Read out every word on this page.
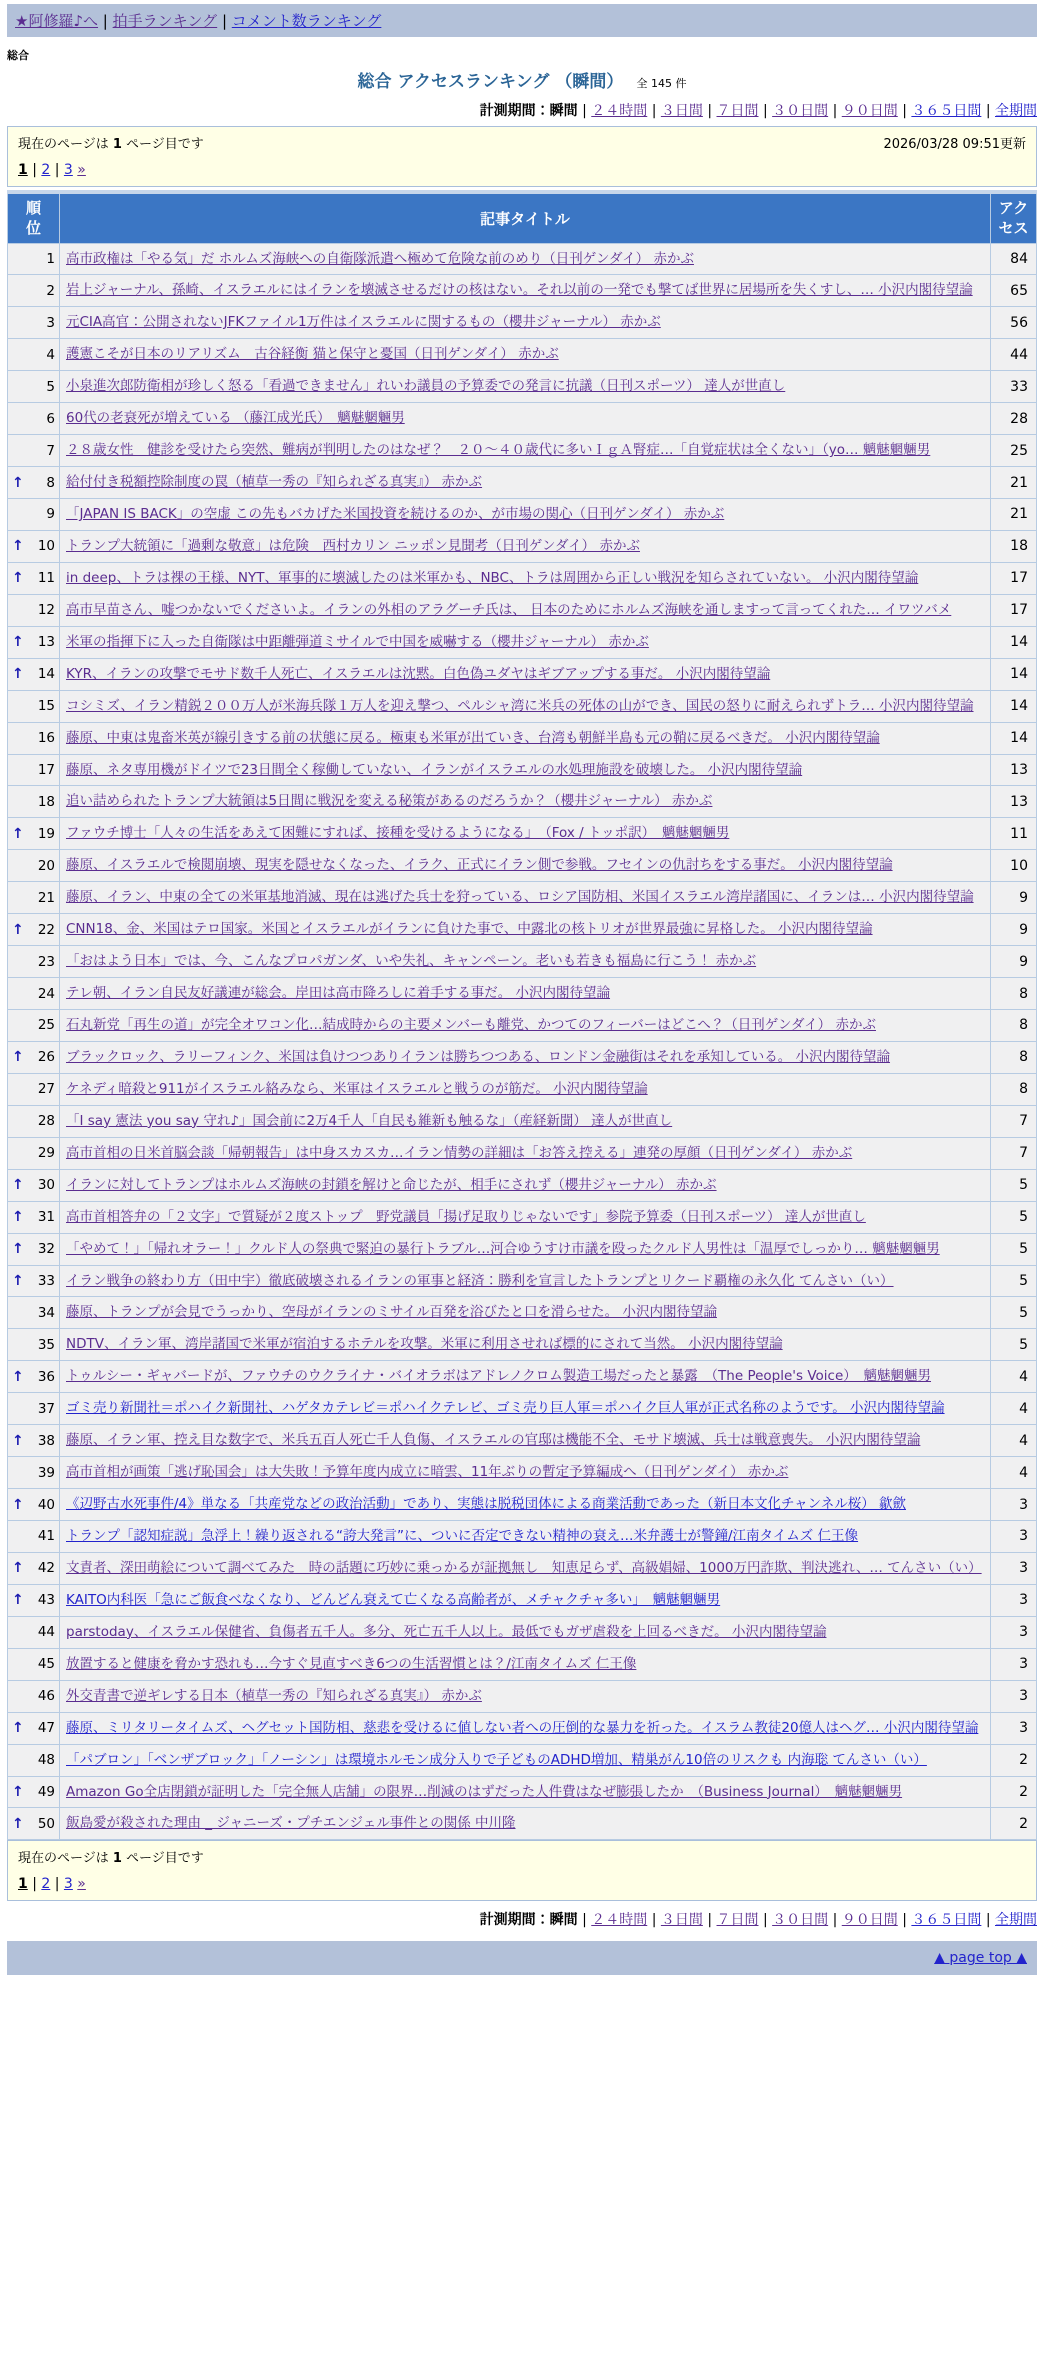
★阿修羅♪へ | 拍手ランキング | コメント数ランキング
総合
総合 アクセスランキング （瞬間） 全 145 件
計測期間：瞬間 | ２４時間 | ３日間 | ７日間 | ３０日間 | ９０日間 | ３６５日間 | 全期間
現在のページは 1 ページ目です	2026/03/28 09:51更新
1 | 2 | 3 »
順位	記事タイトル	アクセス

1	高市政権は「やる気」だ ホルムズ海峡への自衛隊派遣へ極めて危険な前のめり（日刊ゲンダイ） 赤かぶ	84

2	岩上ジャーナル、孫崎、イスラエルにはイランを壊滅させるだけの核はない。それ以前の一発でも撃てば世界に居場所を失くすし、… 小沢内閣待望論	65

3	元CIA高官：公開されないJFKファイル1万件はイスラエルに関するもの（櫻井ジャーナル） 赤かぶ	56

4	護憲こそが日本のリアリズム　古谷経衡 猫と保守と憂国（日刊ゲンダイ） 赤かぶ	44

5	小泉進次郎防衛相が珍しく怒る「看過できません」れいわ議員の予算委での発言に抗議（日刊スポーツ） 達人が世直し	33

6	60代の老衰死が増えている （藤江成光氏）　魑魅魍魎男	28

7	２８歳女性　健診を受けたら突然、難病が判明したのはなぜ？　２０～４０歳代に多いＩｇＡ腎症…「自覚症状は全くない」（yo… 魑魅魍魎男	25

↑ 8	給付付き税額控除制度の罠（植草一秀の『知られざる真実』） 赤かぶ	21

9	「JAPAN IS BACK」の空虚 この先もバカげた米国投資を続けるのか、が市場の関心（日刊ゲンダイ） 赤かぶ	21

↑ 10	トランプ大統領に「過剰な敬意」は危険　西村カリン ニッポン見聞考（日刊ゲンダイ） 赤かぶ	18

↑ 11	in deep、トラは裸の王様、NYT、軍事的に壊滅したのは米軍かも、NBC、トラは周囲から正しい戦況を知らされていない。 小沢内閣待望論	17

12	高市早苗さん、嘘つかないでくださいよ。イランの外相のアラグーチ氏は、 日本のためにホルムズ海峡を通しますって言ってくれた… イワツバメ	17

↑ 13	米軍の指揮下に入った自衛隊は中距離弾道ミサイルで中国を威嚇する（櫻井ジャーナル） 赤かぶ	14

↑ 14	KYR、イランの攻撃でモサド数千人死亡、イスラエルは沈黙。白色偽ユダヤはギブアップする事だ。 小沢内閣待望論	14

15	コシミズ、イラン精鋭２００万人が米海兵隊１万人を迎え撃つ、ペルシャ湾に米兵の死体の山ができ、国民の怒りに耐えられずトラ… 小沢内閣待望論	14

16	藤原、中東は鬼畜米英が線引きする前の状態に戻る。極東も米軍が出ていき、台湾も朝鮮半島も元の鞘に戻るべきだ。 小沢内閣待望論	14

17	藤原、ネタ専用機がドイツで23日間全く稼働していない、イランがイスラエルの水処理施設を破壊した。 小沢内閣待望論	13

18	追い詰められたトランプ大統領は5日間に戦況を変える秘策があるのだろうか？（櫻井ジャーナル） 赤かぶ	13

↑ 19	ファウチ博士「人々の生活をあえて困難にすれば、接種を受けるようになる」　（Fox / トッポ訳）　魑魅魍魎男	11

20	藤原、イスラエルで検閲崩壊、現実を隠せなくなった、イラク、正式にイラン側で参戦。フセインの仇討ちをする事だ。 小沢内閣待望論	10

21	藤原、イラン、中東の全ての米軍基地消滅、現在は逃げた兵士を狩っている、ロシア国防相、米国イスラエル湾岸諸国に、イランは… 小沢内閣待望論	9

↑ 22	CNN18、金、米国はテロ国家。米国とイスラエルがイランに負けた事で、中露北の核トリオが世界最強に昇格した。 小沢内閣待望論	9

23	「おはよう日本」では、今、こんなプロパガンダ、いや失礼、キャンペーン。老いも若きも福島に行こう！ 赤かぶ	9

24	テレ朝、イラン自民友好議連が総会。岸田は高市降ろしに着手する事だ。 小沢内閣待望論	8

25	石丸新党「再生の道」が完全オワコン化…結成時からの主要メンバーも離党、かつてのフィーバーはどこへ？（日刊ゲンダイ） 赤かぶ	8

↑ 26	ブラックロック、ラリーフィンク、米国は負けつつありイランは勝ちつつある、ロンドン金融街はそれを承知している。 小沢内閣待望論	8

27	ケネディ暗殺と911がイスラエル絡みなら、米軍はイスラエルと戦うのが筋だ。 小沢内閣待望論	8

28	「I say 憲法 you say 守れ♪」国会前に2万4千人「自民も維新も触るな」（産経新聞） 達人が世直し	7

29	高市首相の日米首脳会談「帰朝報告」は中身スカスカ…イラン情勢の詳細は「お答え控える」連発の厚顔（日刊ゲンダイ） 赤かぶ	7

↑ 30	イランに対してトランプはホルムズ海峡の封鎖を解けと命じたが、相手にされず（櫻井ジャーナル） 赤かぶ	5

↑ 31	高市首相答弁の「２文字」で質疑が２度ストップ　野党議員「揚げ足取りじゃないです」参院予算委（日刊スポーツ） 達人が世直し	5

↑ 32	「やめて！」「帰れオラー！」クルド人の祭典で緊迫の暴行トラブル…河合ゆうすけ市議を殴ったクルド人男性は「温厚でしっかり… 魑魅魍魎男	5

↑ 33	イラン戦争の終わり方（田中宇）徹底破壊されるイランの軍事と経済：勝利を宣言したトランプとリクード覇権の永久化 てんさい（い）	5

34	藤原、トランプが会見でうっかり、空母がイランのミサイル百発を浴びたと口を滑らせた。 小沢内閣待望論	5

35	NDTV、イラン軍、湾岸諸国で米軍が宿泊するホテルを攻撃。米軍に利用させれば標的にされて当然。 小沢内閣待望論	5

↑ 36	トゥルシー・ギャバードが、ファウチのウクライナ・バイオラボはアドレノクロム製造工場だったと暴露　（The People's Voice）　魑魅魍魎男	4

37	ゴミ売り新聞社＝ポハイク新聞社、ハゲタカテレビ＝ポハイクテレビ、ゴミ売り巨人軍＝ポハイク巨人軍が正式名称のようです。 小沢内閣待望論	4

↑ 38	藤原、イラン軍、控え目な数字で、米兵五百人死亡千人負傷、イスラエルの官邸は機能不全、モサド壊滅、兵士は戦意喪失。 小沢内閣待望論	4

39	高市首相が画策「逃げ恥国会」は大失敗！予算年度内成立に暗雲、11年ぶりの暫定予算編成へ（日刊ゲンダイ） 赤かぶ	4

↑ 40	《辺野古水死事件/4》単なる「共産党などの政治活動」であり、実態は脱税団体による商業活動であった（新日本文化チャンネル桜） 歙歛	3

41	トランプ「認知症説」急浮上！繰り返される“誇大発言”に、ついに否定できない精神の衰え…米弁護士が警鐘/江南タイムズ 仁王像	3

↑ 42	文責者、深田萌絵について調べてみた　時の話題に巧妙に乗っかるが証拠無し　知恵足らず、高級娼婦、1000万円詐欺、判決逃れ、… てんさい（い）	3

↑ 43	KAITO内科医「急にご飯食べなくなり、どんどん衰えて亡くなる高齢者が、メチャクチャ多い」　魑魅魍魎男	3

44	parstoday、イスラエル保健省、負傷者五千人。多分、死亡五千人以上。最低でもガザ虐殺を上回るべきだ。 小沢内閣待望論	3

45	放置すると健康を脅かす恐れも…今すぐ見直すべき6つの生活習慣とは？/江南タイムズ 仁王像	3

46	外交青書で逆ギレする日本（植草一秀の『知られざる真実』） 赤かぶ	3

↑ 47	藤原、ミリタリータイムズ、ヘグセット国防相、慈悲を受けるに値しない者への圧倒的な暴力を祈った。イスラム教徒20億人はヘグ… 小沢内閣待望論	3

48	「パブロン」「ベンザブロック」「ノーシン」は環境ホルモン成分入りで子どものADHD増加、精巣がん10倍のリスクも 内海聡 てんさい（い）	2

↑ 49	Amazon Go全店閉鎖が証明した「完全無人店舗」の限界…削減のはずだった人件費はなぜ膨張したか　（Business Journal）　魑魅魍魎男	2

↑ 50	飯島愛が殺された理由 _ ジャニーズ・プチエンジェル事件との関係 中川隆	2
現在のページは 1 ページ目です
1 | 2 | 3 »
計測期間：瞬間 | ２４時間 | ３日間 | ７日間 | ３０日間 | ９０日間 | ３６５日間 | 全期間
▲ page top ▲
